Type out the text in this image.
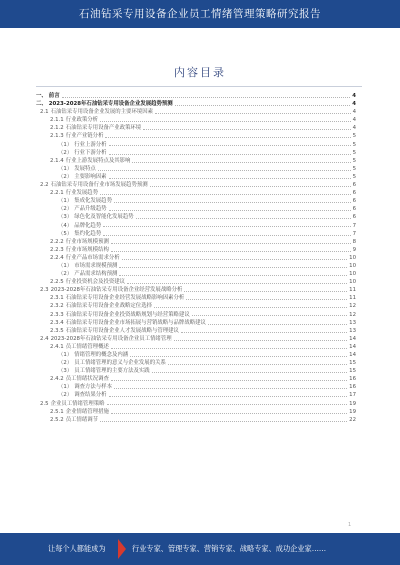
石油钻采专用设备企业员工情绪管理策略研究报告
内容目录
一、 前言	4
二、 2023-2028年石油钻采专用设备企业发展趋势预测	4
2.1 石油钻采专用设备企业发展的主要环境因素	4
2.1.1 行业政策分析	4
2.1.2 石油钻采专用设备产业政策环境	4
2.1.3 行业产业链分析	5
（1） 行业上游分析	5
（2） 行业下游分析	5
2.1.4 行业上游发展特点及其影响	5
（1） 发展特点	5
（2） 主要影响因素	5
2.2 石油钻采专用设备行业市场发展趋势预测	6
2.2.1 行业发展趋势	6
（1） 集成化发展趋势	6
（2） 产品升级趋势	6
（3） 绿色化及智能化发展趋势	6
（4） 品牌化趋势	7
（5） 集约化趋势	7
2.2.2 行业市场规模预测	8
2.2.3 行业市场规模结构	9
2.2.4 行业产品市场需求分析	10
（1） 市场需求规模预测	10
（2） 产品需求结构预测	10
2.2.5 行业投资机会及投资建议	10
2.3 2023-2028年石油钻采专用设备企业经营发展战略分析	11
2.3.1 石油钻采专用设备企业经营发展战略影响因素分析	11
2.3.2 石油钻采专用设备企业战略定位选择	12
2.3.3 石油钻采专用设备企业投资战略规划与经营策略建议	12
2.3.4 石油钻采专用设备企业市场拓展与营销战略与品牌战略建议	13
2.3.5 石油钻采专用设备企业人才发展战略与管理建议	13
2.4 2023-2028年石油钻采专用设备企业员工情绪管理	14
2.4.1 员工情绪管理概述	14
（1） 情绪管理的概念及内涵	14
（2） 员工情绪管理的意义与企业发展的关系	15
（3） 员工情绪管理的主要方法及实践	15
2.4.2 员工情绪状况调查	16
（1） 调查方法与样本	16
（2） 调查结果分析	17
2.5 企业员工情绪管理策略	19
2.5.1 企业情绪管理措施	19
2.5.2 员工情绪调节	22
1
让每个人都能成为	行业专家、管理专家、营销专家、战略专家、成功企业家……
